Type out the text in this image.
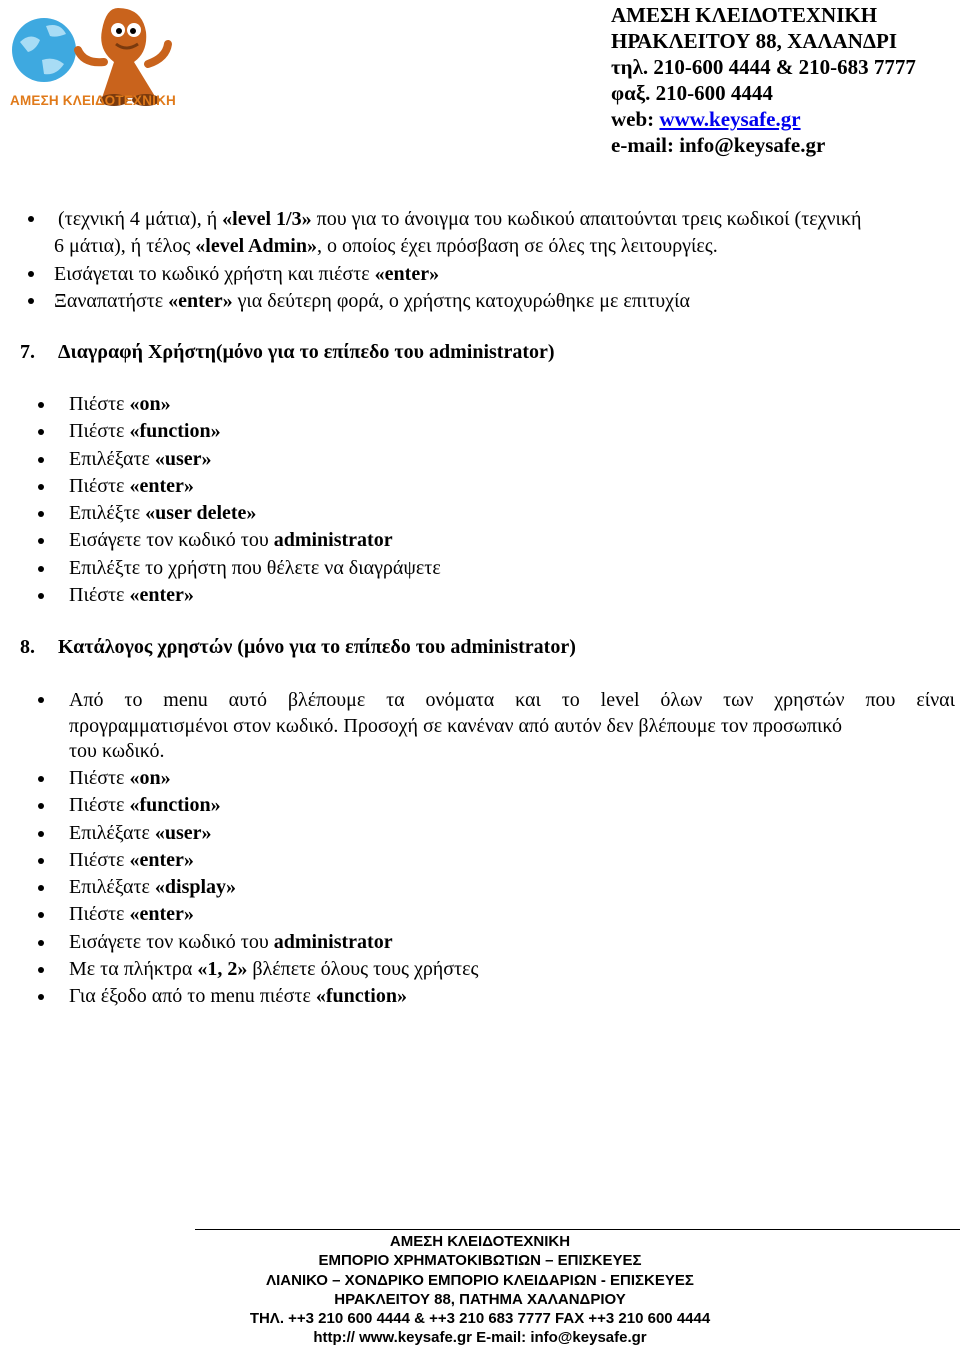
ΑΜΕΣΗ ΚΛΕΙΔΟΤΕΧΝΙΚΗ
ΑΜΕΣΗ ΚΛΕΙΔΟΤΕΧΝΙΚΗ
ΗΡΑΚΛΕΙΤΟΥ 88, ΧΑΛΑΝΔΡΙ
τηλ. 210-600 4444 & 210-683 7777
φαξ. 210-600 4444
web: www.keysafe.gr
e-mail: info@keysafe.gr
(τεχνική 4 μάτια), ή «level 1/3» που για το άνοιγμα του κωδικού απαιτούνται τρεις κωδικοί (τεχνική
6 μάτια), ή τέλος «level Admin», ο οποίος έχει πρόσβαση σε όλες της λειτουργίες.
Εισάγεται το κωδικό χρήστη και πιέστε «enter»
Ξαναπατήστε «enter» για δεύτερη φορά, ο χρήστης κατοχυρώθηκε με επιτυχία
7. Διαγραφή Χρήστη(μόνο για το επίπεδο του administrator)
Πιέστε «on»
Πιέστε «function»
Επιλέξατε «user»
Πιέστε «enter»
Επιλέξτε «user delete»
Εισάγετε τον κωδικό του administrator
Επιλέξτε το χρήστη που θέλετε να διαγράψετε
Πιέστε «enter»
8. Κατάλογος χρηστών (μόνο για το επίπεδο του administrator)
Από το menu αυτό βλέπουμε τα ονόματα και το level όλων των χρηστών που είναι
προγραμματισμένοι στον κωδικό. Προσοχή σε κανέναν από αυτόν δεν βλέπουμε τον προσωπικό
του κωδικό.
Πιέστε «on»
Πιέστε «function»
Επιλέξατε «user»
Πιέστε «enter»
Επιλέξατε «display»
Πιέστε «enter»
Εισάγετε τον κωδικό του administrator
Με τα πλήκτρα «1, 2» βλέπετε όλους τους χρήστες
Για έξοδο από το menu πιέστε «function»
ΑΜΕΣΗ ΚΛΕΙΔΟΤΕΧΝΙΚΗ
ΕΜΠΟΡΙΟ ΧΡΗΜΑΤΟΚΙΒΩΤΙΩΝ – ΕΠΙΣΚΕΥΕΣ
ΛΙΑΝΙΚΟ – ΧΟΝΔΡΙΚΟ ΕΜΠΟΡΙΟ ΚΛΕΙΔΑΡΙΩΝ - ΕΠΙΣΚΕΥΕΣ
ΗΡΑΚΛΕΙΤΟΥ 88, ΠΑΤΗΜΑ ΧΑΛΑΝΔΡΙΟΥ
ΤΗΛ. ++3 210 600 4444 & ++3 210 683 7777 FAX ++3 210 600 4444
http:// www.keysafe.gr E-mail: info@keysafe.gr
